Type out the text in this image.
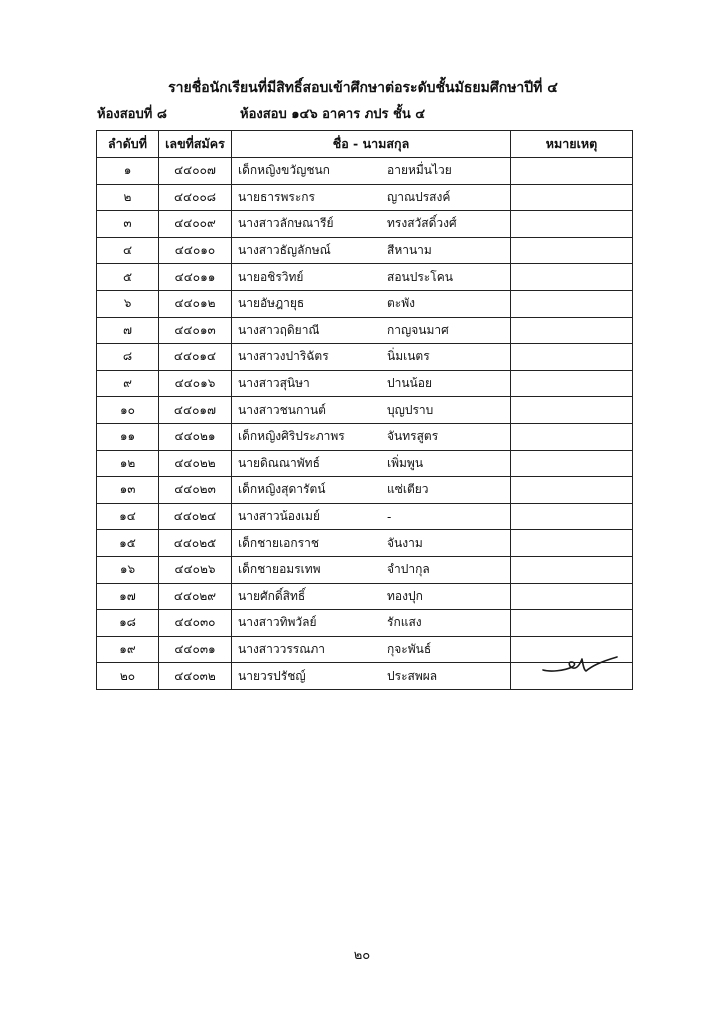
รายชื่อนักเรียนที่มีสิทธิ์สอบเข้าศึกษาต่อระดับชั้นมัธยมศึกษาปีที่ ๔
ห้องสอบที่ ๘	ห้องสอบ ๑๔๖ อาคาร ภปร ชั้น ๔
ลำดับที่	เลขที่สมัคร	ชื่อ - นามสกุล	หมายเหตุ
๑	๔๔๐๐๗	เด็กหญิงขวัญชนก อายหมื่นไวย	

๒	๔๔๐๐๘	นายธารพระกร ญาณปรสงค์	

๓	๔๔๐๐๙	นางสาวลักษณารีย์ ทรงสวัสดิ์วงศ์	

๔	๔๔๐๑๐	นางสาวธัญลักษณ์ สีหานาม	

๕	๔๔๐๑๑	นายอชิรวิทย์ สอนประโคน	

๖	๔๔๐๑๒	นายอัษฎายุธ ตะพัง	

๗	๔๔๐๑๓	นางสาวฤดิยาณี กาญจนมาศ	

๘	๔๔๐๑๔	นางสาวงปาริฉัตร นิ่มเนตร	

๙	๔๔๐๑๖	นางสาวสุนิษา ปานน้อย	

๑๐	๔๔๐๑๗	นางสาวชนกานต์ บุญปราบ	

๑๑	๔๔๐๒๑	เด็กหญิงศิริประภาพร จันทรสูตร	

๑๒	๔๔๐๒๒	นายดิณณาพัทธ์ เพิ่มพูน	

๑๓	๔๔๐๒๓	เด็กหญิงสุดารัตน์ แซ่เตียว	

๑๔	๔๔๐๒๔	นางสาวน้องเมย์ -	

๑๕	๔๔๐๒๕	เด็กชายเอกราช จันงาม	

๑๖	๔๔๐๒๖	เด็กชายอมรเทพ จำปากุล	

๑๗	๔๔๐๒๙	นายศักดิ์สิทธิ์ ทองปุก	

๑๘	๔๔๐๓๐	นางสาวทิพวัลย์ รักแสง	

๑๙	๔๔๐๓๑	นางสาววรรณภา กุจะพันธ์	

๒๐	๔๔๐๓๒	นายวรปรัชญ์ ประสพผล	

๒๐
